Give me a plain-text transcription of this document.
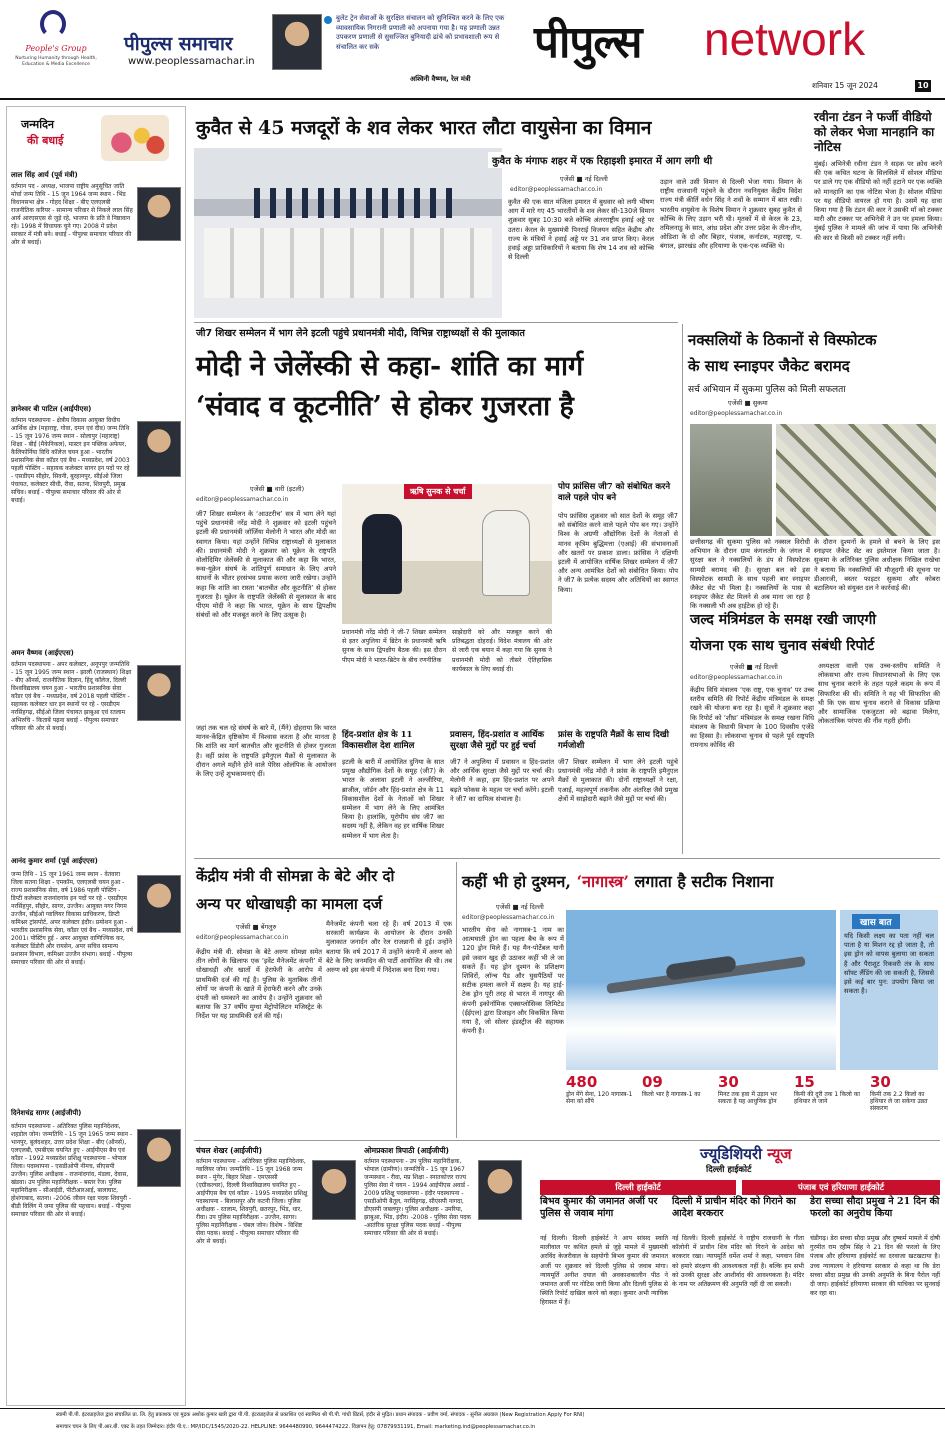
People's Group
Nurturing Humanity through Health, Education & Media Excellence
पीपुल्स समाचार
www.peoplessamachar.in
बुलेट ट्रेन सेवाओं के सुरक्षित संचालन को सुनिश्चित करने के लिए एक व्यावसायिक निगरानी प्रणाली को अपनाया गया है। यह प्रणाली उन्नत उपकरण प्रणाली से सुसज्जित बुनियादी ढांचे को प्रभावशाली रूप से संचालित कर सके
अश्विनी वैष्णव, रेल मंत्री
पीपुल्स network
शनिवार 15 जून 2024	10
जन्मदिन
की बधाई
लाल सिंह आर्य (पूर्व मंत्री)
वर्तमान पद - अध्यक्ष, भाजपा राष्ट्रीय अनुसूचित जाति मोर्चा जन्म तिथि - 15 जून 1964 जन्म स्थान - भिंड विधानसभा क्षेत्र - गोहद शिक्षा - बीए एलएलबी राजनीतिक करियर - सामान्य परिवार से निकले लाल सिंह आर्य आरएसएस से जुड़े रहे, भाजपा के प्रति वे निष्ठावान रहे। 1998 में विधायक चुने गए। 2008 में प्रदेश सरकार में मंत्री बने। बधाई - पीपुल्स समाचार परिवार की ओर से बधाई।
ज्ञानेश्वर बी पाटिल (आईपीएस)
वर्तमान पदस्थापना - क्षेत्रीय विकास आयुक्त विधीय आर्थिक क्षेत्र (महाराष्ट्र, गोवा, दमन एवं दीव) जन्म तिथि - 15 जून 1976 जन्म स्थान - सोलापुर (महाराष्ट्र) शिक्षा - बीई (मैकेनिकल), मास्टर इन पब्लिक अफेयर, कैलिफोर्निया विधि कॉलेज चयन हुआ - भारतीय प्रशासनिक सेवा कॉडर एवं बैच - मध्यप्रदेश, वर्ष 2003 पहली पोस्टिंग - सहायक कलेक्टर सागर इन पदों पर रहे - एसडीएम सीहोर, सिवनी, बुरहानपुर, सीईओ जिला पंचायत, कलेक्टर सीधी, रीवा, सतना, शिवपुरी, प्रमुख सचिव। बधाई - पीपुल्स समाचार परिवार की ओर से बधाई।
अमन वैष्णव (आईएएस)
वर्तमान पदस्थापना - अपर कलेक्टर, अनूपपुर जन्मतिथि - 15 जून 1995 जन्म स्थान - झालौ (राजस्थान) शिक्षा - बीए ऑनर्स, राजनीतिक विज्ञान, हिंदू कॉलेज, दिल्ली विश्वविद्यालय चयन हुआ - भारतीय प्रशासनिक सेवा कॉडर एवं बैच - मध्यप्रदेश, वर्ष 2018 पहली पोस्टिंग - सहायक कलेक्टर धार इन स्थानों पर रहे - एसडीएम नरसिंहगढ़, सीईओ जिला पंचायत झाबुआ एवं रतलाम अभिरुचि - किताबें पढ़ना बधाई - पीपुल्स समाचार परिवार की ओर से बधाई।
आनंद कुमार शर्मा (पूर्व आईएएस)
जन्म तिथि - 15 जून 1961 जन्म स्थान - वेतवारा जिला सतना शिक्षा - एमकॉम, एलएलबी चयन हुआ - राज्य प्रशासनिक सेवा, वर्ष 1986 पहली पोस्टिंग - डिप्टी कलेक्टर राजनांदगांव इन पदों पर रहे - एसडीएम नरसिंहपुर, सीहोर, सागर, उज्जैन। आयुक्त नगर निगम उज्जैन, सीईओ ग्वालियर विकास प्राधिकरण, डिप्टी कमिश्नर ट्रांसपोर्ट, अपर कलेक्टर इंदौर। प्रमोशन हुआ - भारतीय प्रशासनिक सेवा, कॉडर एवं बैच - मध्यप्रदेश, वर्ष 2001। पोस्टिंग हुई - अपर आयुक्त वाणिज्यिक कर, कलेक्टर डिंडोरी और रायसेन, अपर सचिव सामान्य प्रशासन विभाग, कमिश्नर उज्जैन संभाग। बधाई - पीपुल्स समाचार परिवार की ओर से बधाई।
दिनेशचंद्र सागर (आईजीपी)
वर्तमान पदस्थापना - अतिरिक्त पुलिस महानिदेशक, शहडोल जोन। जन्मतिथि - 15 जून 1965 जन्म स्थान - भानपुर, बुलंदशहर, उत्तर प्रदेश शिक्षा - बीए (ऑनर्स), एलएलबी, एमबीएस चयनित हुए - आईपीएस बैच एवं कॉडर - 1992 मध्यप्रदेश प्रशिक्षु पदस्थापना - भोपाल जिला। पदस्थापना - एसडीओपी नीमच, सीएसपी उज्जैन। पुलिस अधीक्षक - राजनांदगांव, मंडला, देवास, खंडवा। उप पुलिस महानिरीक्षक - बस्तर रेंज। पुलिस महानिरीक्षक - सीआईडी, पीटीआरआई, बालाघाट, होशंगाबाद, सतना। -2006 जीवन रक्षा पदक शिवपुरी - बीडी विलिंग में जमा पुलिस की पहचान। बधाई - पीपुल्स समाचार परिवार की ओर से बधाई।
कुवैत से 45 मजदूरों के शव लेकर भारत लौटा वायुसेना का विमान
कुवैत के मंगाफ शहर में एक रिहाइशी इमारत में आग लगी थी
एजेंसी ■ नई दिल्ली
editor@peoplessamachar.co.in
कुवैत की एक सात मंजिला इमारत में बुधवार को लगी भीषण आग में मारे गए 45 भारतीयों के शव लेकर सी-130जे विमान शुक्रवार सुबह 10:30 बजे कोच्चि अंतरराष्ट्रीय हवाई अड्डे पर उतरा। केरल के मुख्यमंत्री पिनराई विजयन सहित केंद्रीय और राज्य के मंत्रियों ने हवाई अड्डे पर 31 शव प्राप्त किए। केरल हवाई अड्डा प्राधिकारियों ने बताया कि शेष 14 शव को कोच्चि से दिल्ली
उड़ान वाले उसी विमान से दिल्ली भेजा गया। विमान के राष्ट्रीय राजधानी पहुंचने के दौरान नवनियुक्त केंद्रीय विदेश राज्य मंत्री कीर्ति वर्धन सिंह ने शवों के सम्मान में बात रखी। भारतीय वायुसेना के विशेष विमान ने शुक्रवार सुबह कुवैत से कोच्चि के लिए उड़ान भरी थी। मृतकों में से केरल के 23, तमिलनाडु के सात, आंध्र प्रदेश और उत्तर प्रदेश के तीन-तीन, ओडिशा के दो और बिहार, पंजाब, कर्नाटक, महाराष्ट्र, प. बंगाल, झारखंड और हरियाणा के एक-एक व्यक्ति थे।
रवीना टंडन ने फर्जी वीडियो को लेकर भेजा मानहानि का नोटिस
मुंबई। अभिनेत्री रवीना टंडन ने सड़क पर क्रोध करने की एक कथित घटना के सिलसिले में सोशल मीडिया पर डाले गए एक वीडियो को नहीं हटाने पर एक व्यक्ति को मानहानि का एक नोटिस भेजा है। सोशल मीडिया पर यह वीडियो वायरल हो गया है। उसमें यह दावा किया गया है कि टंडन की कार ने उसकी माँ को टक्कर मारी और टक्कर पर अभिनेत्री ने उन पर हमला किया। मुंबई पुलिस ने मामले की जांच में पाया कि अभिनेत्री की कार से किसी को टक्कर नहीं लगी।
जी7 शिखर सम्मेलन में भाग लेने इटली पहुंचे प्रधानमंत्री मोदी, विभिन्न राष्ट्राध्यक्षों से की मुलाकात
मोदी ने जेलेंस्की से कहा- शांति का मार्ग
‘संवाद व कूटनीति’ से होकर गुजरता है
एजेंसी ■ वारी (इटली)
editor@peoplessamachar.co.in
जी7 शिखर सम्मेलन के ‘आउटरीच’ सत्र में भाग लेने यहां पहुंचे प्रधानमंत्री नरेंद्र मोदी ने शुक्रवार को इटली पहुंचने इटली की प्रधानमंत्री जॉर्जिया मेलोनी ने भारत और मोदी का स्वागत किया। यहां उन्होंने विभिन्न राष्ट्राध्यक्षों से मुलाकात की। प्रधानमंत्री मोदी ने शुक्रवार को यूक्रेन के राष्ट्रपति वोलोदिमिर जेलेंस्की से मुलाकात की और कहा कि भारत, रूस-यूक्रेन संघर्ष के शांतिपूर्ण समाधान के लिए अपने साधनों के भीतर हरसंभव प्रयास करना जारी रखेगा। उन्होंने कहा कि शांति का रास्ता ‘बातचीत और कूटनीति’ से होकर गुजरता है। यूक्रेन के राष्ट्रपति जेलेंस्की से मुलाकात के बाद पीएम मोदी ने कहा कि भारत, यूक्रेन के साथ द्विपक्षीय संबंधों को और मजबूत करने के लिए उत्सुक है।
जहां तक चल रहे संघर्ष के बारे में, (मैंने) दोहराया कि भारत मानव-केंद्रित दृष्टिकोण में विश्वास करता है और मानता है कि शांति का मार्ग बातचीत और कूटनीति से होकर गुजरता है। वहीं फ्रांस के राष्ट्रपति इमैनुएल मैक्रों से मुलाकात के दौरान अगले महीने होने वाले पेरिस ओलंपिक के आयोजन के लिए उन्हें शुभकामनाएं दीं।
ऋषि सुनक से चर्चा
प्रधानमंत्री नरेंद्र मोदी ने जी-7 शिखर सम्मेलन से इतर अपुलिया में ब्रिटेन के प्रधानमंत्री ऋषि सुनक के साथ द्विपक्षीय बैठक की। इस दौरान पीएम मोदी ने भारत-ब्रिटेन के बीच रणनीतिक
साझेदारी को और मजबूत करने की प्रतिबद्धता दोहराई। विदेश मंत्रालय की ओर से जारी एक बयान में कहा गया कि सुनक ने प्रधानमंत्री मोदी को तीसरे ऐतिहासिक कार्यकाल के लिए बधाई दी।
पोप फ्रांसिस जी7 को संबोधित करने वाले पहले पोप बने
पोप फ्रांसिस शुक्रवार को सात देशों के समूह जी7 को संबोधित करने वाले पहले पोप बन गए। उन्होंने विश्व के अग्रणी औद्योगिक देशों के नेताओं से मानव कृत्रिम बुद्धिमत्ता (एआई) की संभावनाओं और खतरों पर प्रकाश डाला। फ्रांसिस ने दक्षिणी इटली में आयोजित वार्षिक शिखर सम्मेलन में जी7 और अन्य आमंत्रित देशों को संबोधित किया। पोप ने जी7 के प्रत्येक सदस्य और अतिथियों का स्वागत किया।
हिंद-प्रशांत क्षेत्र के 11 विकासशील देश शामिल
इटली के बारी में आयोजित दुनिया के सात प्रमुख औद्योगिक देशों के समूह (जी7) के भारत के अलावा इटली ने अल्जीरिया, ब्राजील, जॉर्डन और हिंद-प्रशांत क्षेत्र के 11 विकासशील देशों के नेताओं को शिखर सम्मेलन में भाग लेने के लिए आमंत्रित किया है। हालांकि, यूरोपीय संघ जी7 का सदस्य नहीं है, लेकिन वह हर वार्षिक शिखर सम्मेलन में भाग लेता है।
प्रवासन, हिंद-प्रशांत व आर्थिक सुरक्षा जैसे मुद्दों पर हुई चर्चा
जी7 ने अपुलिया में प्रवासन व हिंद-प्रशांत और आर्थिक सुरक्षा जैसे मुद्दों पर चर्चा की। मेलोनी ने कहा, हम हिंद-प्रशांत पर अपने बढ़ते फोकस के महत्व पर चर्चा करेंगे। इटली ने जी7 का दायित्व संभाला है।
फ्रांस के राष्ट्रपति मैक्रों के साथ दिखी गर्मजोशी
जी7 शिखर सम्मेलन में भाग लेने इटली पहुंचे प्रधानमंत्री नरेंद्र मोदी ने फ्रांस के राष्ट्रपति इमैनुएल मैक्रों से मुलाकात की। दोनों राष्ट्राध्यक्षों ने रक्षा, एआई, महत्वपूर्ण तकनीक और अंतरिक्ष जैसे प्रमुख क्षेत्रों में साझेदारी बढ़ाने जैसे मुद्दों पर चर्चा की।
नक्सलियों के ठिकानों से विस्फोटक
के साथ स्नाइपर जैकेट बरामद
सर्च अभियान में सुकमा पुलिस को मिली सफलता
एजेंसी ■ सुकमा
editor@peoplessamachar.co.in
छत्तीसगढ़ की सुकमा पुलिस को नक्सल विरोधी अभियान के दौरान ग्राम कंगलतोंग के जंगल में सुरक्षा बल ने नक्सलियों के डंप से विस्फोटक सामग्री बरामद की है। सुरक्षा बल को इस विस्फोटक सामग्री के साथ पहली बार स्नाइपर जैकेट सेट भी मिला है। नक्सलियों के पास से स्नाइपर जैकेट सेट मिलने से अब माना जा रहा है कि नक्सली भी अब हाईटेक हो रहे हैं।
के दौरान दुश्मनों के हमले से बचने के लिए इस स्नाइपर जैकेट सेट का इस्तेमाल किया जाता है। सुकमा के अतिरिक्त पुलिस अधीक्षक निखिल राखेचा ने बताया कि नक्सलियों की मौजूदगी की सूचना पर डीआरजी, बस्तर फाइटर सुकमा और कोबरा बटालियन को संयुक्त दल ने कार्रवाई की।
जल्द मंत्रिमंडल के समक्ष रखी जाएगी
योजना एक साथ चुनाव संबंधी रिपोर्ट
एजेंसी ■ नई दिल्ली
editor@peoplessamachar.co.in
केंद्रीय विधि मंत्रालय ‘एक राष्ट्र, एक चुनाव’ पर उच्च स्तरीय समिति की रिपोर्ट केंद्रीय मंत्रिमंडल के समक्ष रखने की योजना बना रहा है। सूत्रों ने शुक्रवार कहा कि रिपोर्ट को ‘शीघ्र’ मंत्रिमंडल के समक्ष रखना विधि मंत्रालय के विधायी विभाग के 100 दिवसीय एजेंडे का हिस्सा है। लोकसभा चुनाव से पहले पूर्व राष्ट्रपति रामनाथ कोविंद की
अध्यक्षता वाली एक उच्च-स्तरीय समिति ने लोकसभा और राज्य विधानसभाओं के लिए एक साथ चुनाव कराने के तहत पहले कदम के रूप में सिफारिश की थी। समिति ने यह भी सिफारिश की थी कि एक साथ चुनाव कराने से विकास प्रक्रिया और सामाजिक एकजुटता को बढ़ावा मिलेगा, लोकतांत्रिक परंपरा की नींव गहरी होगी।
केंद्रीय मंत्री वी सोमन्ना के बेटे और दो
अन्य पर धोखाधड़ी का मामला दर्ज
एजेंसी ■ बेंगलुरु
editor@peoplessamachar.co.in
केंद्रीय मंत्री वी. सोमन्ना के बेटे अरुण सोमन्ना समेत तीन लोगों के खिलाफ एक ‘इवेंट मैनेजमेंट कंपनी’ में धोखाधड़ी और खातों में हेराफेरी के आरोप में प्राथमिकी दर्ज की गई है। पुलिस के मुताबिक तीनों लोगों पर कंपनी के खाते में हेराफेरी करने और उनके दंपती को धमकाने का आरोप है। उन्होंने शुक्रवार को बताया कि 37 वर्षीय मुग्धा मेट्रोपोलिटन मजिस्ट्रेट के निर्देश पर यह प्राथमिकी दर्ज की गई।
मैनेजमेंट कंपनी चला रहे हैं। वर्ष 2013 में एक सरकारी कार्यक्रम के आयोजन के दौरान उनकी मुलाकात जनार्दन और रेल राजन्नानी से हुई। उन्होंने बताया कि वर्ष 2017 में उन्होंने कंपनी में अरुण को बेटे के लिए जनमदिन की पार्टी आयोजित की थी। तब अरुण को इस कंपनी में निदेशक बना दिया गया।
कहीं भी हो दुश्मन, ‘नागास्त्र’ लगाता है सटीक निशाना
एजेंसी ■ नई दिल्ली
editor@peoplessamachar.co.in
भारतीय सेना को नागास्त्र-1 नाम का आत्मघाती ड्रोन का पहला बैच के रूप में 120 ड्रोन मिले हैं। यह मैन-पोर्टेबल यानी इसे जवान खुद ही उठाकर कहीं भी ले जा सकते हैं। यह ड्रोन दुश्मन के प्रशिक्षण शिविरों, लॉन्च पैड और घुसपैठियों पर सटीक हमला करने में सक्षम है। यह हाई-टेक ड्रोन पूरी तरह से भारत में नागपुर की कंपनी इकोनॉमिक एक्सप्लोसिव्स लिमिटेड (ईईएल) द्वारा डिजाइन और विकसित किया गया है, जो सोलर इंडस्ट्रीज की सहायक कंपनी है।
खास बात
यदि किसी लक्ष्य का पता नहीं चल पाता है या मिशन रद्द हो जाता है, तो इस ड्रोन को वापस बुलाया जा सकता है और पैराशूट रिकवरी तंत्र के साथ सॉफ्ट लैंडिंग की जा सकती है, जिससे इसे कई बार पुन: उपयोग किया जा सकता है।
480
ड्रोन मेंगे सेना, 120 नागास्त्र-1 सेना को सौंपे
09
किलो भार है नागास्त्र-1 का
30
मिनट तक हवा में उड़ान भर सकता है यह आधुनिक ड्रोन
15
किमी की दूरी तक 1 किलो का हथियार ले जाने
30
किमी तक 2.2 किलो का हथियार ले जा सकेगा उन्नत संस्करण
चंचल शेखर (आईजीपी)
वर्तमान पदस्थापना - अतिरिक्त पुलिस महानिदेशक, ग्वालियर जोन। जन्मतिथि - 15 जून 1968 जन्म स्थान - मुंगेर, बिहार शिक्षा - एमएससी (एग्रीकल्चर), दिल्ली विश्वविद्यालय चयनित हुए - आईपीएस बैच एवं कॉडर - 1995 मध्यप्रदेश प्रशिक्षु पदस्थापना - बिलासपुर और कटनी जिला। पुलिस अधीक्षक - रतलाम, शिवपुरी, छतरपुर, भिंड, धार, रीवा। उप पुलिस महानिरीक्षक - उज्जैन, सागर। पुलिस महानिरीक्षक - चंबल जोन। विशेष - विशिष्ट सेवा पदक। बधाई - पीपुल्स समाचार परिवार की ओर से बधाई।
ओमप्रकाश त्रिपाठी (आईजीपी)
वर्तमान पदस्थापना - उप पुलिस महानिरीक्षक, भोपाल (ग्रामीण)। जन्मतिथि - 15 जून 1967 जन्मस्थान - रीवा, मप्र शिक्षा - स्नातकोत्तर राज्य पुलिस सेवा में चयन - 1994 आईपीएस अवार्ड - 2009 प्रशिक्षु पदस्थापना - इंदौर पदस्थापना - एसडीओपी बैतूल, नरसिंहगढ़, सीएसपी नागदा, डीएसपी जबलपुर। पुलिस अधीक्षक - उमरिया, झाबुआ, भिंड, इंदौर। -2008 - पुलिस सेवा पदक -आतंरिक सुरक्षा पुलिस पदक बधाई - पीपुल्स समाचार परिवार की ओर से बधाई।
ज्यूडिशियरी न्यूज
दिल्ली हाईकोर्ट
दिल्ली हाईकोर्ट	पंजाब एवं हरियाणा हाईकोर्ट
बिभव कुमार की जमानत अर्जी पर पुलिस से जवाब मांगा
नई दिल्ली। दिल्ली हाईकोर्ट ने आप सांसद स्वाति मालीवाल पर कथित हमले से जुड़े मामले में मुख्यमंत्री अरविंद केजरीवाल के सहयोगी बिभव कुमार की जमानत अर्जी पर शुक्रवार को दिल्ली पुलिस से जवाब मांगा। न्यायमूर्ति अनीश दयाल की अवकाशकालीन पीठ ने जमानत अर्जी पर नोटिस जारी किया और दिल्ली पुलिस से स्थिति रिपोर्ट दाखिल करने को कहा। कुमार अभी न्यायिक हिरासत में हैं।
दिल्ली में प्राचीन मंदिर को गिराने का आदेश बरकरार
नई दिल्ली। दिल्ली हाईकोर्ट ने राष्ट्रीय राजधानी के गीता कॉलोनी में प्राचीन शिव मंदिर को गिराने के आदेश को बरकरार रखा। न्यायमूर्ति धर्मेश शर्मा ने कहा, भगवान शिव को हमारे संरक्षण की आवश्यकता नहीं है। बल्कि हम सभी को उनकी सुरक्षा और आशीर्वाद की आवश्यकता है। मंदिर के नाम पर अतिक्रमण की अनुमति नहीं दी जा सकती।
डेरा सच्चा सौदा प्रमुख ने 21 दिन की फरलो का अनुरोध किया
चंडीगढ़। डेरा सच्चा सौदा प्रमुख और दुष्कर्म मामले में दोषी गुरमीत राम रहीम सिंह ने 21 दिन की फरलो के लिए पंजाब और हरियाणा हाईकोर्ट का दरवाजा खटखटाया है। उच्च न्यायालय ने हरियाणा सरकार से कहा था कि डेरा सच्चा सौदा प्रमुख की उनकी अनुमति के बिना पैरोल नहीं दी जाए। हाईकोर्ट हरियाणा सरकार की याचिका पर सुनवाई कर रहा था।
स्वामी पी.पी. इंटरप्राइजेज द्वारा संचालित प्रा. लि. हेतु प्रकाशक एवं मुद्रक अशोक कुमार खत्री द्वारा पी.पी. इंटरप्राइजेज से प्रकाशित एवं स्वामित्व श्री पी.पी. गांधी प्रिंटर्स, इंदौर से मुद्रित। प्रधान संपादक - प्रवीण वर्मा, संपादक - सुनील अग्रवाल (New Registration Apply For RNI)
समाचार चयन के लिए पी.आर.बी. एक्ट के तहत जिम्मेदार। इंदौर पी.ए.: MP/IDC/1545/2020-22. HELPLINE: 9644480990, 9644474222. विज्ञापन हेतु: 07879931191, Email: marketing.ind@peoplessamachar.co.in
